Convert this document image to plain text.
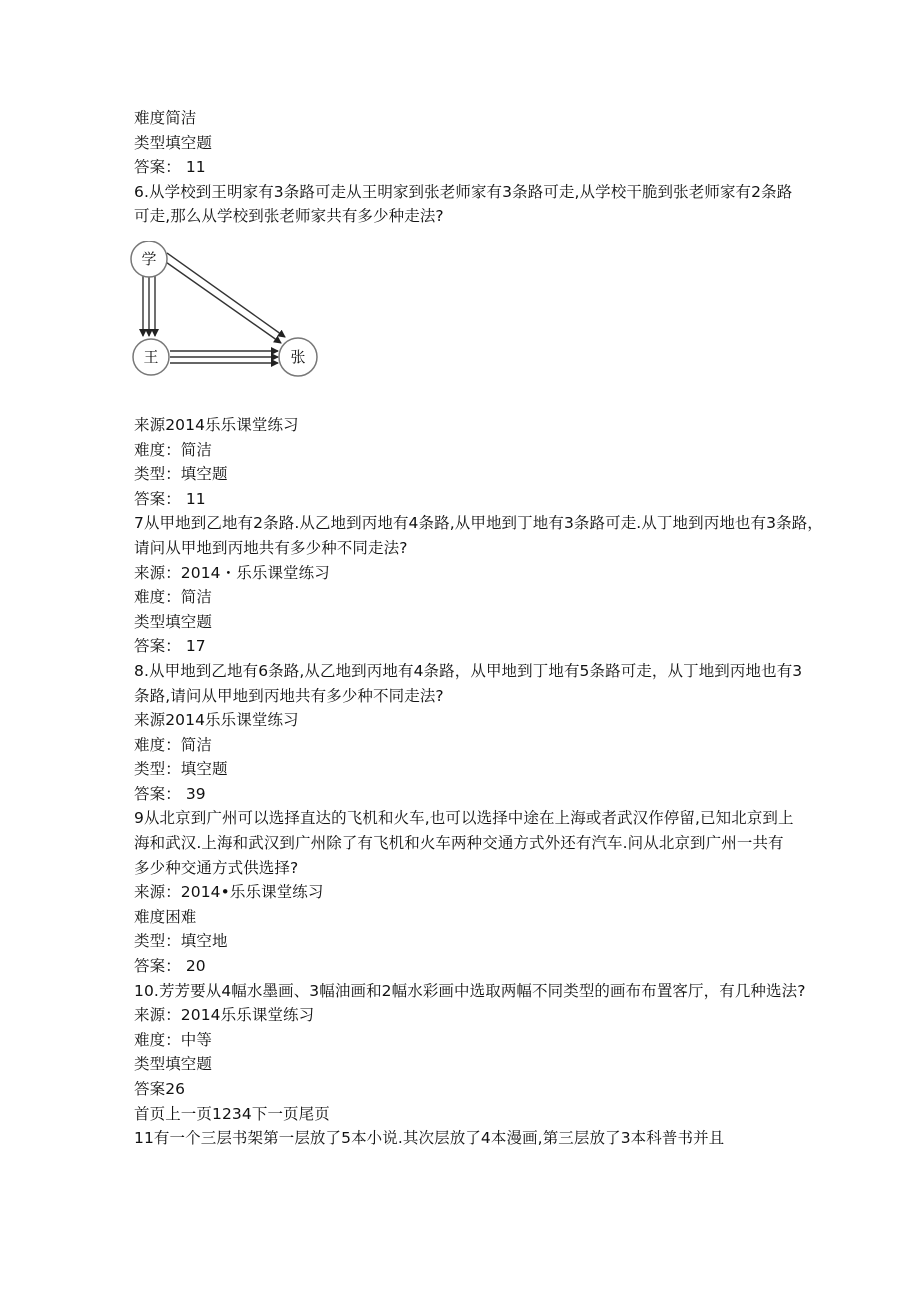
难度简洁
类型填空题
答案： 11
6.从学校到王明家有3条路可走从王明家到张老师家有3条路可走,从学校干脆到张老师家有2条路
可走,那么从学校到张老师家共有多少种走法?
学
王	张
来源2014乐乐课堂练习
难度：简洁
类型：填空题
答案： 11
7从甲地到乙地有2条路.从乙地到丙地有4条路,从甲地到丁地有3条路可走.从丁地到丙地也有3条路，
请问从甲地到丙地共有多少种不同走法?
来源：2014・乐乐课堂练习
难度：简洁
类型填空题
答案： 17
8.从甲地到乙地有6条路,从乙地到丙地有4条路，从甲地到丁地有5条路可走，从丁地到丙地也有3
条路,请问从甲地到丙地共有多少种不同走法?
来源2014乐乐课堂练习
难度：简洁
类型：填空题
答案： 39
9从北京到广州可以选择直达的飞机和火车,也可以选择中途在上海或者武汉作停留,已知北京到上
海和武汉.上海和武汉到广州除了有飞机和火车两种交通方式外还有汽车.问从北京到广州一共有
多少种交通方式供选择?
来源：2014•乐乐课堂练习
难度困难
类型：填空地
答案： 20
10.芳芳要从4幅水墨画、3幅油画和2幅水彩画中选取两幅不同类型的画布布置客厅，有几种选法?
来源：2014乐乐课堂练习
难度：中等
类型填空题
答案26
首页上一页1234下一页尾页
11有一个三层书架第一层放了5本小说.其次层放了4本漫画,第三层放了3本科普书并且
